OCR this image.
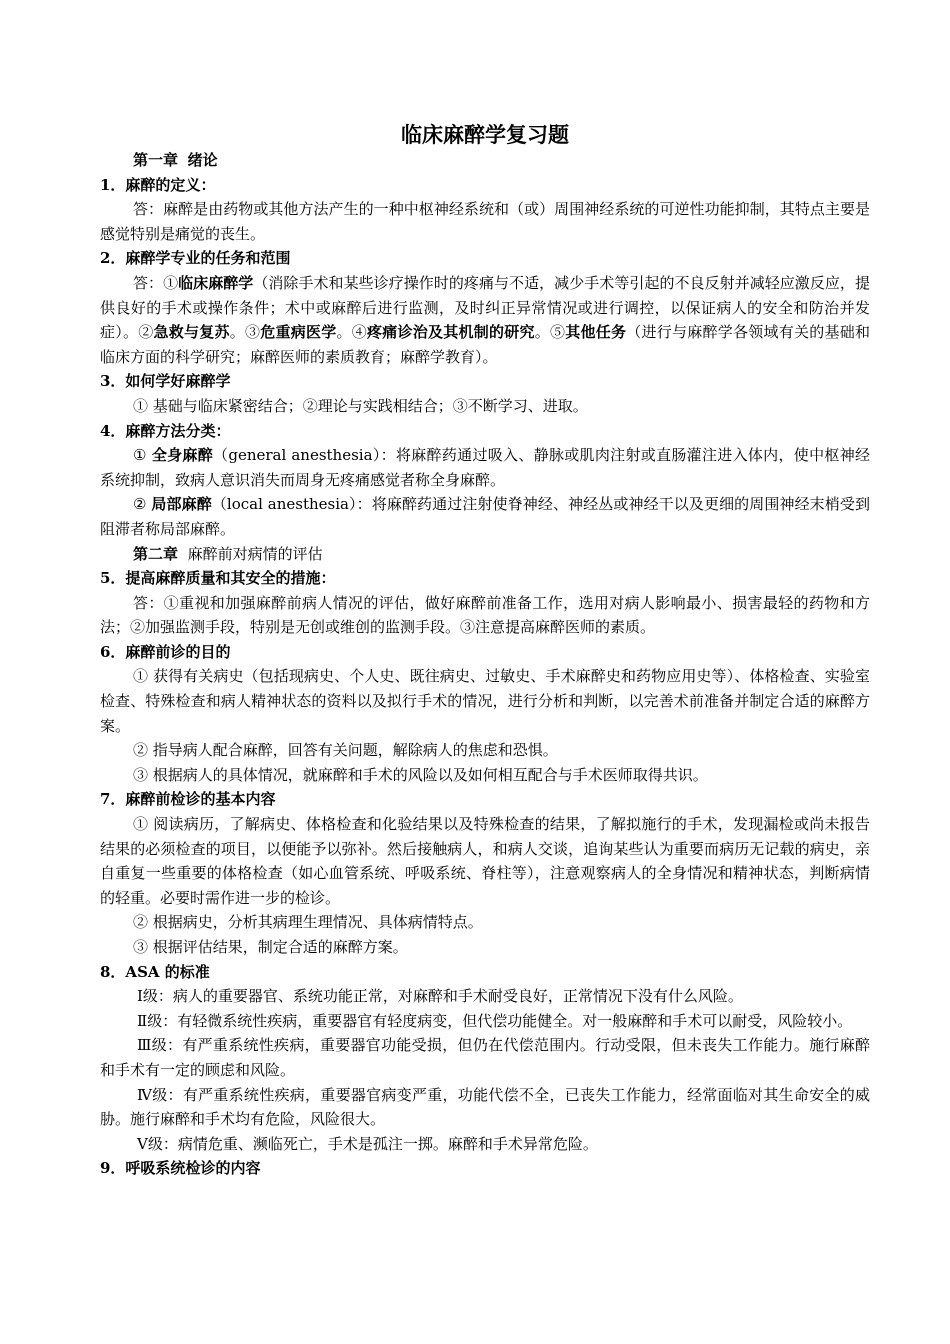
临床麻醉学复习题

第一章 绪论

1．麻醉的定义：

答：麻醉是由药物或其他方法产生的一种中枢神经系统和（或）周围神经系统的可逆性功能抑制，其特点主要是感觉特别是痛觉的丧生。

2．麻醉学专业的任务和范围

答：①临床麻醉学（消除手术和某些诊疗操作时的疼痛与不适，减少手术等引起的不良反射并减轻应激反应，提供良好的手术或操作条件；术中或麻醉后进行监测，及时纠正异常情况或进行调控，以保证病人的安全和防治并发症）。②急救与复苏。③危重病医学。④疼痛诊治及其机制的研究。⑤其他任务（进行与麻醉学各领域有关的基础和临床方面的科学研究；麻醉医师的素质教育；麻醉学教育）。

3．如何学好麻醉学

① 基础与临床紧密结合；②理论与实践相结合；③不断学习、进取。

4．麻醉方法分类：

① 全身麻醉（general anesthesia）：将麻醉药通过吸入、静脉或肌肉注射或直肠灌注进入体内，使中枢神经系统抑制，致病人意识消失而周身无疼痛感觉者称全身麻醉。

② 局部麻醉（local anesthesia）：将麻醉药通过注射使脊神经、神经丛或神经干以及更细的周围神经末梢受到阻滞者称局部麻醉。

第二章 麻醉前对病情的评估

5．提高麻醉质量和其安全的措施：

答：①重视和加强麻醉前病人情况的评估，做好麻醉前准备工作，选用对病人影响最小、损害最轻的药物和方法；②加强监测手段，特别是无创或维创的监测手段。③注意提高麻醉医师的素质。

6．麻醉前诊的目的

① 获得有关病史（包括现病史、个人史、既往病史、过敏史、手术麻醉史和药物应用史等）、体格检查、实验室检查、特殊检查和病人精神状态的资料以及拟行手术的情况，进行分析和判断，以完善术前准备并制定合适的麻醉方案。

② 指导病人配合麻醉，回答有关问题，解除病人的焦虑和恐惧。

③ 根据病人的具体情况，就麻醉和手术的风险以及如何相互配合与手术医师取得共识。

7．麻醉前检诊的基本内容

① 阅读病历，了解病史、体格检查和化验结果以及特殊检查的结果，了解拟施行的手术，发现漏检或尚未报告结果的必须检查的项目，以便能予以弥补。然后接触病人，和病人交谈，追询某些认为重要而病历无记载的病史，亲自重复一些重要的体格检查（如心血管系统、呼吸系统、脊柱等），注意观察病人的全身情况和精神状态，判断病情的轻重。必要时需作进一步的检诊。

② 根据病史，分析其病理生理情况、具体病情特点。

③ 根据评估结果，制定合适的麻醉方案。

8．ASA 的标准

Ⅰ级：病人的重要器官、系统功能正常，对麻醉和手术耐受良好，正常情况下没有什么风险。

Ⅱ级：有轻微系统性疾病，重要器官有轻度病变，但代偿功能健全。对一般麻醉和手术可以耐受，风险较小。

Ⅲ级：有严重系统性疾病，重要器官功能受损，但仍在代偿范围内。行动受限，但未丧失工作能力。施行麻醉和手术有一定的顾虑和风险。

Ⅳ级：有严重系统性疾病，重要器官病变严重，功能代偿不全，已丧失工作能力，经常面临对其生命安全的威胁。施行麻醉和手术均有危险，风险很大。

Ⅴ级：病情危重、濒临死亡，手术是孤注一掷。麻醉和手术异常危险。

9．呼吸系统检诊的内容
